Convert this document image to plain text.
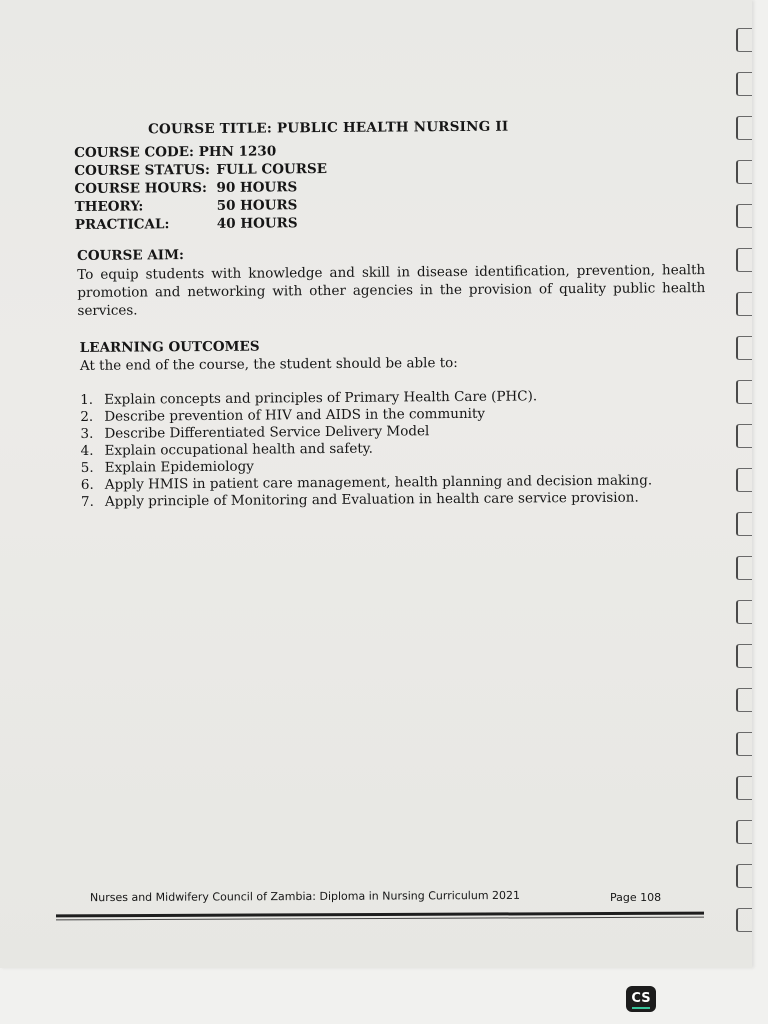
COURSE TITLE: PUBLIC HEALTH NURSING II
COURSE CODE: PHN 1230
COURSE STATUS: FULL COURSE
COURSE HOURS: 90 HOURS
THEORY:	50 HOURS
PRACTICAL:	40 HOURS
COURSE AIM:
To equip students with knowledge and skill in disease identification, prevention, health promotion and networking with other agencies in the provision of quality public health services.
LEARNING OUTCOMES
At the end of the course, the student should be able to:
1. Explain concepts and principles of Primary Health Care (PHC).
2. Describe prevention of HIV and AIDS in the community
3. Describe Differentiated Service Delivery Model
4. Explain occupational health and safety.
5. Explain Epidemiology
6. Apply HMIS in patient care management, health planning and decision making.
7. Apply principle of Monitoring and Evaluation in health care service provision.
Nurses and Midwifery Council of Zambia: Diploma in Nursing Curriculum 2021	Page 108
CS
